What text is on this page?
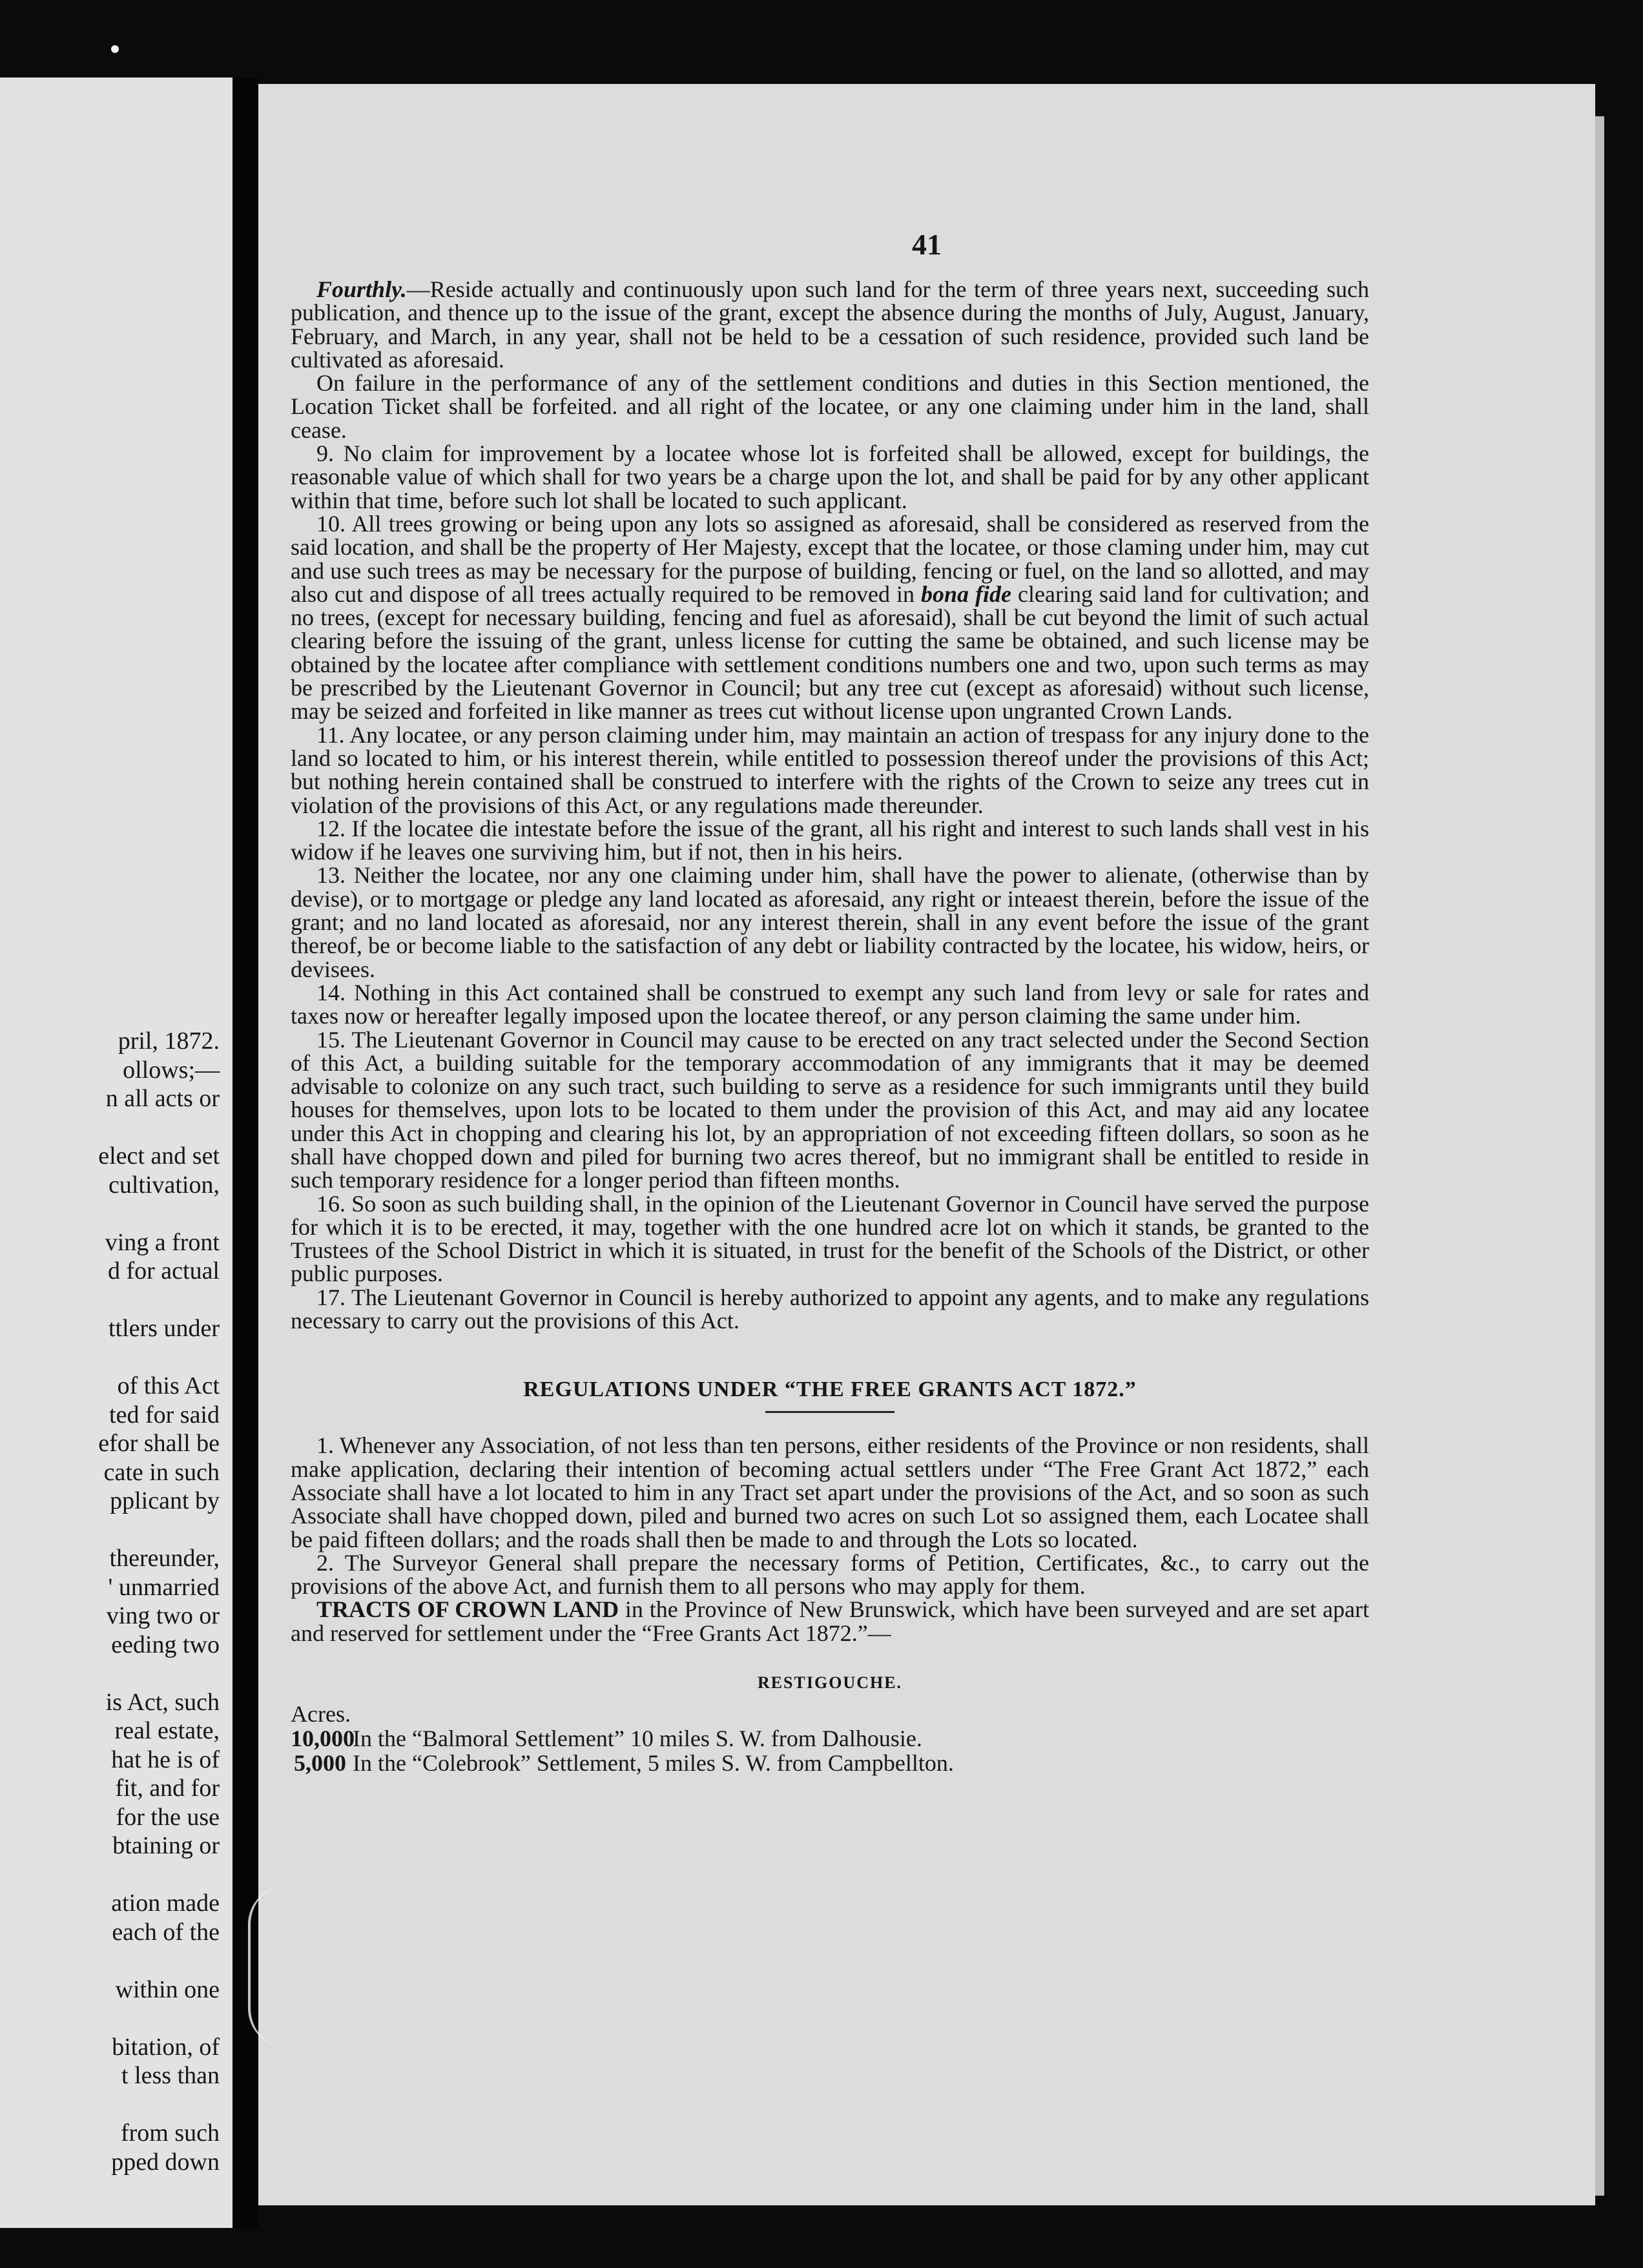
pril, 1872.
ollows;—
n all acts or
elect and set
cultivation,
ving a front
d for actual
ttlers under
of this Act
ted for said
efor shall be
cate in such
pplicant by
thereunder,
' unmarried
ving two or
eeding two
is Act, such
real estate,
hat he is of
fit, and for
for the use
btaining or
ation made
each of the
within one
bitation, of
t less than
from such
pped down
41

Fourthly.—Reside actually and continuously upon such land for the term of three years next, succeeding such publication, and thence up to the issue of the grant, except the absence during the months of July, August, January, February, and March, in any year, shall not be held to be a cessation of such residence, provided such land be cultivated as aforesaid.

On failure in the performance of any of the settlement conditions and duties in this Section mentioned, the Location Ticket shall be forfeited. and all right of the locatee, or any one claiming under him in the land, shall cease.

9. No claim for improvement by a locatee whose lot is forfeited shall be allowed, except for buildings, the reasonable value of which shall for two years be a charge upon the lot, and shall be paid for by any other applicant within that time, before such lot shall be located to such applicant.

10. All trees growing or being upon any lots so assigned as aforesaid, shall be considered as reserved from the said location, and shall be the property of Her Majesty, except that the locatee, or those claming under him, may cut and use such trees as may be necessary for the purpose of building, fencing or fuel, on the land so allotted, and may also cut and dispose of all trees actually required to be removed in bona fide clearing said land for cultivation; and no trees, (except for necessary building, fencing and fuel as aforesaid), shall be cut beyond the limit of such actual clearing before the issuing of the grant, unless license for cutting the same be obtained, and such license may be obtained by the locatee after compliance with settlement conditions numbers one and two, upon such terms as may be prescribed by the Lieutenant Governor in Council; but any tree cut (except as aforesaid) without such license, may be seized and forfeited in like manner as trees cut without license upon ungranted Crown Lands.

11. Any locatee, or any person claiming under him, may maintain an action of trespass for any injury done to the land so located to him, or his interest therein, while entitled to possession thereof under the provisions of this Act; but nothing herein contained shall be construed to interfere with the rights of the Crown to seize any trees cut in violation of the provisions of this Act, or any regulations made thereunder.

12. If the locatee die intestate before the issue of the grant, all his right and interest to such lands shall vest in his widow if he leaves one surviving him, but if not, then in his heirs.

13. Neither the locatee, nor any one claiming under him, shall have the power to alienate, (otherwise than by devise), or to mortgage or pledge any land located as aforesaid, any right or inteaest therein, before the issue of the grant; and no land located as aforesaid, nor any interest therein, shall in any event before the issue of the grant thereof, be or become liable to the satisfaction of any debt or liability contracted by the locatee, his widow, heirs, or devisees.

14. Nothing in this Act contained shall be construed to exempt any such land from levy or sale for rates and taxes now or hereafter legally imposed upon the locatee thereof, or any person claiming the same under him.

15. The Lieutenant Governor in Council may cause to be erected on any tract selected under the Second Section of this Act, a building suitable for the temporary accommodation of any immigrants that it may be deemed advisable to colonize on any such tract, such building to serve as a residence for such immigrants until they build houses for themselves, upon lots to be located to them under the provision of this Act, and may aid any locatee under this Act in chopping and clearing his lot, by an appropriation of not exceeding fifteen dollars, so soon as he shall have chopped down and piled for burning two acres thereof, but no immigrant shall be entitled to reside in such temporary residence for a longer period than fifteen months.

16. So soon as such building shall, in the opinion of the Lieutenant Governor in Council have served the purpose for which it is to be erected, it may, together with the one hundred acre lot on which it stands, be granted to the Trustees of the School District in which it is situated, in trust for the benefit of the Schools of the District, or other public purposes.

17. The Lieutenant Governor in Council is hereby authorized to appoint any agents, and to make any regulations necessary to carry out the provisions of this Act.

REGULATIONS UNDER “THE FREE GRANTS ACT 1872.”

1. Whenever any Association, of not less than ten persons, either residents of the Province or non residents, shall make application, declaring their intention of becoming actual settlers under “The Free Grant Act 1872,” each Associate shall have a lot located to him in any Tract set apart under the provisions of the Act, and so soon as such Associate shall have chopped down, piled and burned two acres on such Lot so assigned them, each Locatee shall be paid fifteen dollars; and the roads shall then be made to and through the Lots so located.

2. The Surveyor General shall prepare the necessary forms of Petition, Certificates, &c., to carry out the provisions of the above Act, and furnish them to all persons who may apply for them.

TRACTS OF CROWN LAND in the Province of New Brunswick, which have been surveyed and are set apart and reserved for settlement under the “Free Grants Act 1872.”—

RESTIGOUCHE.
Acres.
10,000In the “Balmoral Settlement” 10 miles S. W. from Dalhousie.
5,000 In the “Colebrook” Settlement, 5 miles S. W. from Campbellton.
